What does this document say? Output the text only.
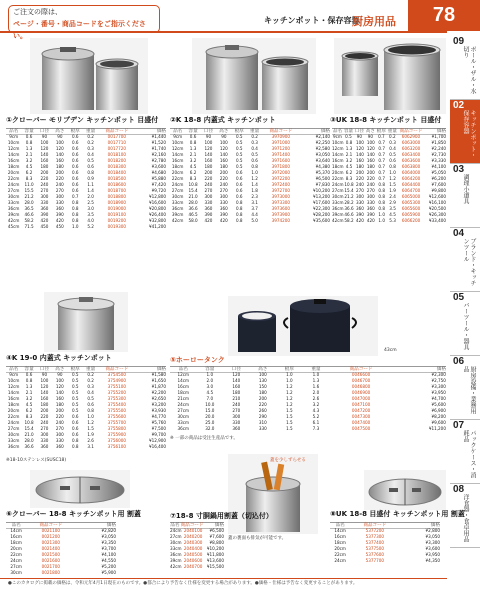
ご注文の際は、
ページ・番号・商品コードをご指示ください。
キッチンポット・保存容器
厨房用品	78
09
ボール・ザル・水切り
02
キッチンポット・保存容器
03
調理小道具
04
ブランド・キッチンツール
05
バーツール・器具
06
厨房設備・業務用品
07
パックケース・消耗品
08
洋食器・食卓用品
①クローバー モリブデン キッチンポット 目盛付 ②K 18-8 内蓋式 キッチンポット	③UK 18-8 キッチンポット 目盛付
品名	容量	口径	高さ	板厚	重量	商品コード	価格
9cm	0.6	90	90	0.6	0.2	0017700	¥1,440
10cm	0.8	100	100	0.6	0.2	0017710	¥1,520
12cm	1.3	120	120	0.6	0.3	0017720	¥1,740
14cm	2.1	140	140	0.6	0.4	0018100	¥2,160
16cm	3.2	160	160	0.6	0.5	0018200	¥2,780
18cm	4.5	180	180	0.6	0.6	0018300	¥3,600
20cm	6.2	200	200	0.6	0.8	0018400	¥4,680
22cm	8.3	220	220	0.6	0.9	0018500	¥5,880
24cm	11.0	240	240	0.6	1.1	0018600	¥7,420
27cm	15.5	270	270	0.6	1.4	0018700	¥9,720
30cm	21.2	300	300	0.7	2.0	0018800	¥12,800
33cm	28.0	330	330	0.8	2.5	0018900	¥16,600
36cm	36.5	360	360	0.8	3.0	0019000	¥20,800
39cm	46.6	390	390	0.8	3.5	0019100	¥26,400
42cm	58.2	420	420	0.8	4.0	0019200	¥32,800
45cm	71.5	450	450	1.0	5.2	0019300	¥41,200
品名	容量	口径	高さ	板厚	重量	商品コード	価格
9cm	0.6	90	90	0.5	0.2	3970900	¥2,140
10cm	0.8	100	100	0.5	0.3	3971000	¥2,250
12cm	1.3	120	120	0.5	0.4	3971200	¥2,580
14cm	2.1	140	140	0.5	0.5	3971400	¥3,050
16cm	3.2	160	160	0.5	0.6	3971600	¥3,640
18cm	4.5	180	180	0.5	0.8	3971800	¥4,380
20cm	6.2	200	200	0.6	1.0	3972000	¥5,370
22cm	8.3	220	220	0.6	1.2	3972200	¥6,500
24cm	10.8	240	240	0.6	1.4	3972400	¥7,830
27cm	15.4	270	270	0.6	1.8	3972700	¥10,200
30cm	21.0	300	300	0.6	2.3	3973000	¥13,200
33cm	28.0	330	330	0.8	3.1	3973300	¥17,600
36cm	36.6	360	360	0.8	3.7	3973600	¥22,300
39cm	46.5	390	390	0.8	4.4	3973900	¥28,200
42cm	58.0	420	420	0.8	5.0	3974200	¥35,600
品名 容量 口径 高さ 板厚 重量 商品コード	価格
9cm 0.5	90	90	0.7 0.2	6062900	¥1,700
10cm 0.8 100 100 0.7 0.3	6063000	¥1,850
12cm 1.3 120 120 0.7 0.4	6063200	¥2,240
14cm 2.1 140 140 0.7 0.5	6063400	¥2,730
16cm 3.2 160 160 0.7 0.6	6063600	¥3,330
18cm 4.5 180 180 0.7 0.8	6063800	¥4,100
20cm 6.2 200 200 0.7 1.0	6064000	¥5,050
22cm 8.3 220 220 0.7 1.2	6064200	¥6,200
24cm 10.8 240 240 0.8 1.5	6064400	¥7,600
27cm 15.4 270 270 0.8 1.9	6064700	¥9,800
30cm 21.2 300 300 0.8 2.4	6065000	¥12,600
33cm 28.2 330 330 0.8 2.9	6065300	¥16,100
36cm 36.6 360 360 0.8 3.5	6065600	¥20,500
39cm 46.6 390 390 1.0 4.5	6065900	¥26,300
42cm 58.2 420 420 1.0 5.3	6066200	¥33,400
43cm
④K 19-0 内蓋式 キッチンポット	⑤ホーロータンク
品名	容量	口径	高さ	板厚	重量	商品コード	価格
9cm	0.6	90	90	0.5	0.2	3754500	¥1,580
10cm	0.8	100	100	0.5	0.2	3754900	¥1,650
12cm	1.3	120	120	0.5	0.3	3755100	¥1,870
14cm	2.1	140	140	0.5	0.4	3755200	¥2,200
16cm	3.2	160	160	0.5	0.5	3755300	¥2,650
18cm	4.5	180	180	0.5	0.6	3755400	¥3,200
20cm	6.2	200	200	0.5	0.8	3755500	¥3,930
22cm	8.3	220	220	0.6	1.0	3755600	¥4,770
24cm	10.8	240	240	0.6	1.2	3755700	¥5,760
27cm	15.4	270	270	0.6	1.5	3755800	¥7,500
30cm	21.0	300	300	0.6	1.9	3755900	¥9,700
33cm	28.0	330	330	0.8	2.6	3756000	¥12,900
36cm	36.6	360	360	0.8	3.1	3756100	¥16,400
※18-10ステンレス(SUSC18)
品名	容量	口径	高さ	板厚	重量	商品コード	価格
12cm	1.0	120	100	1.0	1.0	0046600	¥2,300
14cm	2.0	140	130	1.0	1.3	0046700	¥2,750
16cm	3.0	160	150	1.2	1.6	0046800	¥3,300
18cm	4.5	180	180	1.2	2.0	0046900	¥3,950
21cm	7.0	210	200	1.2	2.6	0047000	¥4,700
24cm	10.0	240	220	1.2	3.2	0047100	¥5,600
27cm	15.0	270	260	1.5	4.3	0047200	¥6,900
30cm	20.0	300	290	1.5	5.2	0047300	¥8,200
33cm	25.0	330	310	1.5	6.1	0047400	¥9,600
36cm	32.0	360	330	1.5	7.3	0047500	¥11,200
※ 一部の商品は受注生産品です。
蓋を少しずらせる
蓋の裏面も排気が可能です。
⑥クローバー 18-8 キッチンポット用 割蓋	⑦18-8 寸胴鍋用割蓋（切込付）	⑧UK 18-8 目盛付 キッチンポット用 割蓋
品名	商品コード	価格
14cm	0021100	¥2,820
16cm	0021200	¥3,050
18cm	0021300	¥3,350
20cm	0021400	¥3,700
22cm	0021500	¥4,100
24cm	0021600	¥4,550
27cm	0021700	¥5,200
30cm	0021800	¥5,900
品名 商品コード	価格
24cm 2040100	¥6,500
27cm 2040200	¥7,600
30cm 2040300	¥8,800
33cm 2040400 ¥10,200
36cm 2040500 ¥11,800
39cm 2040600 ¥13,600
42cm 2040700 ¥15,500
品名	商品コード	価格
14cm	5377200	¥2,800
16cm	5377300	¥3,050
18cm	5377400	¥3,300
20cm	5377500	¥3,600
22cm	5377600	¥3,950
24cm	5377700	¥4,350
●このカタログに掲載の価格は、令和元年4月1日現在のものです。●都合により予告なく仕様を変更する場合があります。●価格・仕様は予告なく変更することがあります。
